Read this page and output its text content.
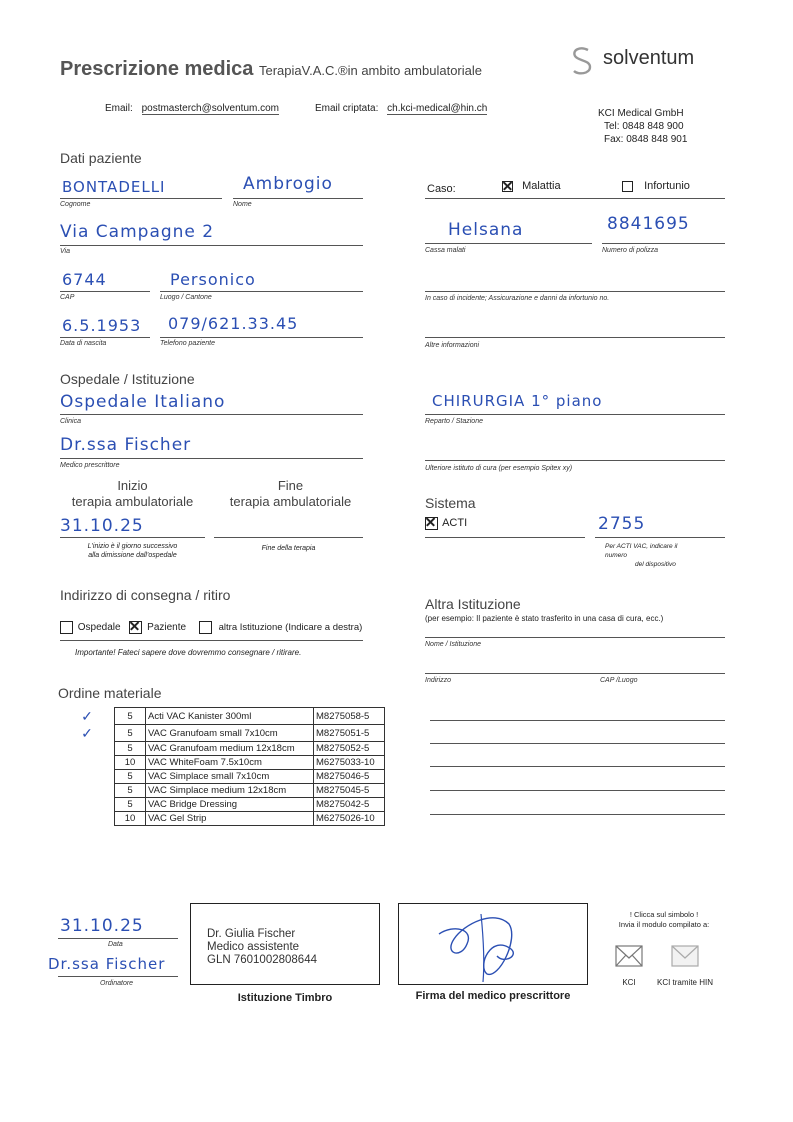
Prescrizione medica TerapiaV.A.C.®in ambito ambulatoriale
solventum
Email: postmasterch@solventum.com	Email criptata: ch.kci-medical@hin.ch	KCI Medical GmbH
Tel: 0848 848 900
Fax: 0848 848 901
Dati paziente
BONTADELLI
Cognome
Ambrogio
Nome
Via Campagne 2
Via
6744
CAP
Personico
Luogo / Cantone
6.5.1953
Data di nascita
079/621.33.45
Telefono paziente
Caso:	Malattia	Infortunio
Helsana
Cassa malati
8841695
Numero di polizza
In caso di incidente; Assicurazione e danni da infortunio no.
Altre informazioni
Ospedale / Istituzione
Ospedale Italiano
Clinica
CHIRURGIA 1° piano
Reparto / Stazione
Dr.ssa Fischer
Medico prescrittore	Ulteriore istituto di cura (per esempio Spitex xy)
Inizio
terapia ambulatoriale
Fine
terapia ambulatoriale
31.10.25
L'inizio è il giorno successivo
alla dimissione dall'ospedale
Fine della terapia
Sistema
ACTI	2755
Per ACTI VAC, indicare il
numero
del dispositivo
Indirizzo di consegna / ritiro
Ospedale	Paziente	altra Istituzione (Indicare a destra)
Importante! Fateci sapere dove dovremmo consegnare / ritirare.
Altra Istituzione
(per esempio: Il paziente è stato trasferito in una casa di cura, ecc.)
Nome / Istituzione
Indirizzo	CAP /Luogo
Ordine materiale
✓	5	Acti VAC Kanister 300ml	M8275058-5
✓	5	VAC Granufoam small 7x10cm	M8275051-5
	5	VAC Granufoam medium 12x18cm	M8275052-5
	10	VAC WhiteFoam 7.5x10cm	M6275033-10
	5	VAC Simplace small 7x10cm	M8275046-5
	5	VAC Simplace medium 12x18cm	M8275045-5
	5	VAC Bridge Dressing	M8275042-5
	10	VAC Gel Strip	M6275026-10
31.10.25
Data
Dr.ssa Fischer
Ordinatore
Dr. Giulia Fischer
Medico assistente
GLN 7601002808644
Istituzione Timbro	Firma del medico prescrittore
! Clicca sul simbolo !
Invia il modulo compilato a:
KCI	KCI tramite HIN
